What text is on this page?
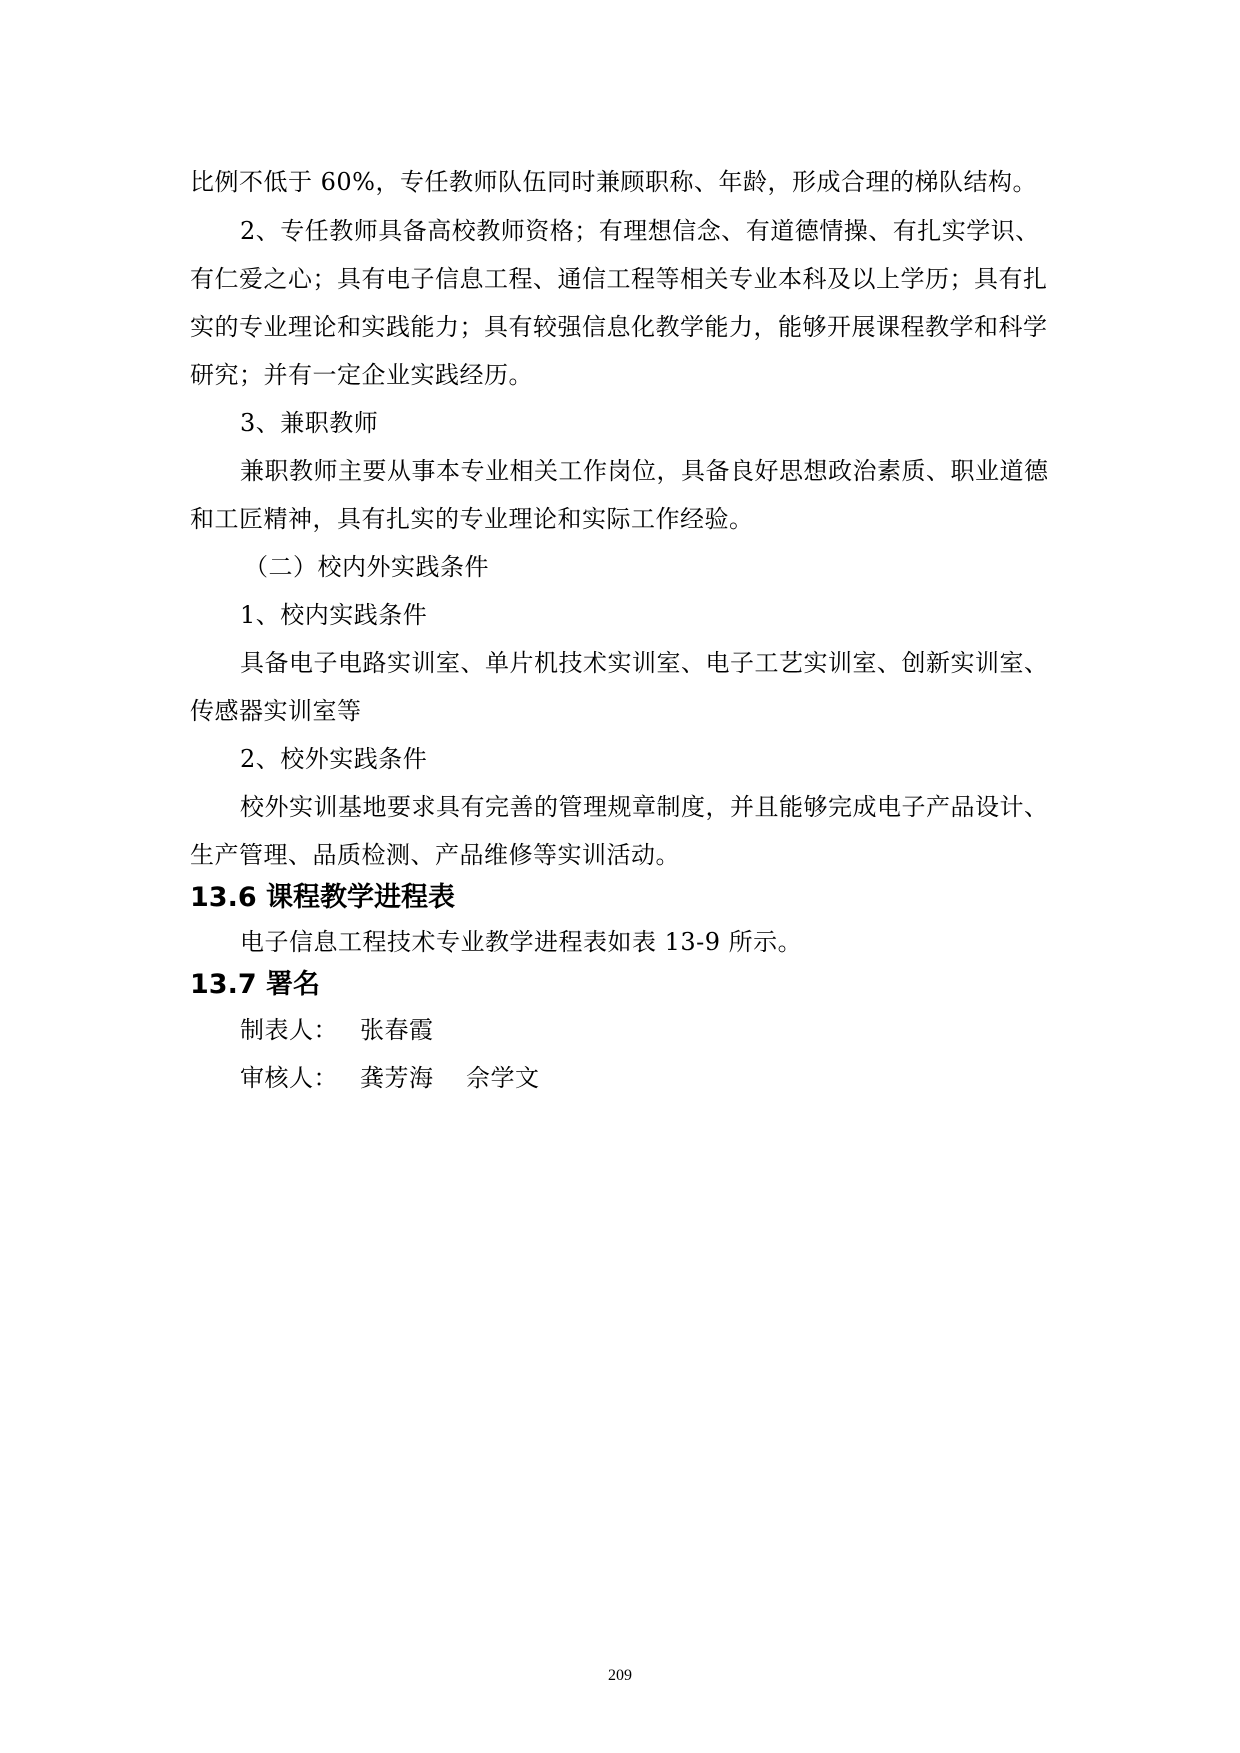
比例不低于 60%，专任教师队伍同时兼顾职称、年龄，形成合理的梯队结构。
2、专任教师具备高校教师资格；有理想信念、有道德情操、有扎实学识、
有仁爱之心；具有电子信息工程、通信工程等相关专业本科及以上学历；具有扎
实的专业理论和实践能力；具有较强信息化教学能力，能够开展课程教学和科学
研究；并有一定企业实践经历。
3、兼职教师
兼职教师主要从事本专业相关工作岗位，具备良好思想政治素质、职业道德
和工匠精神，具有扎实的专业理论和实际工作经验。
（二）校内外实践条件
1、校内实践条件
具备电子电路实训室、单片机技术实训室、电子工艺实训室、创新实训室、
传感器实训室等
2、校外实践条件
校外实训基地要求具有完善的管理规章制度，并且能够完成电子产品设计、
生产管理、品质检测、产品维修等实训活动。
13.6 课程教学进程表
电子信息工程技术专业教学进程表如表 13-9 所示。
13.7 署名
制表人： 张春霞
审核人： 龚芳海    佘学文
209
